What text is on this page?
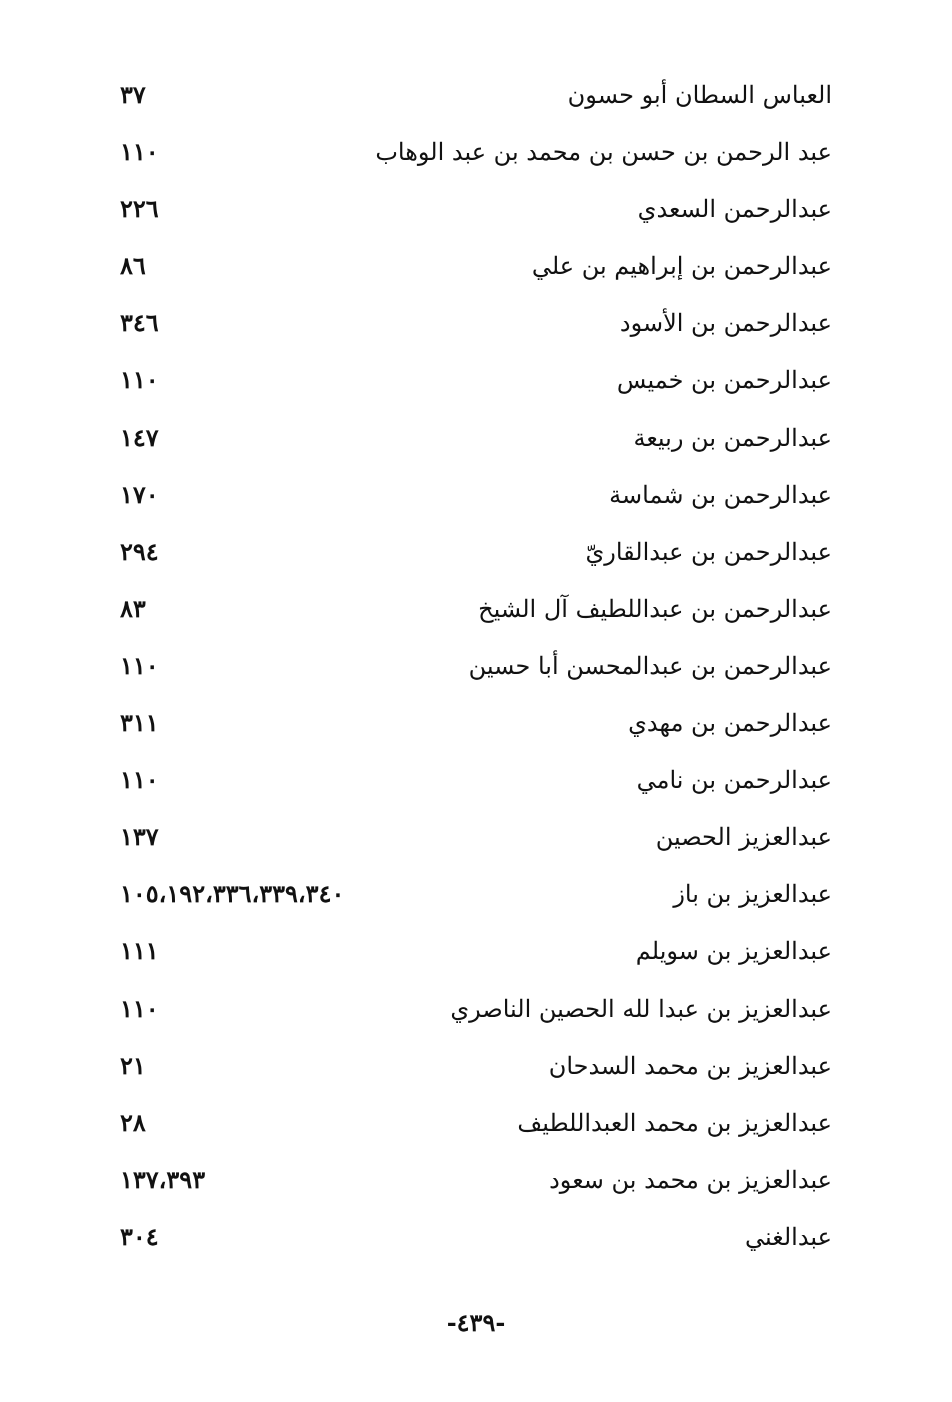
العباس السطان أبو حسون
٣٧
عبد الرحمن بن حسن بن محمد بن عبد الوهاب
١١٠
عبدالرحمن السعدي
٢٢٦
عبدالرحمن بن إبراهيم بن علي
٨٦
عبدالرحمن بن الأسود
٣٤٦
عبدالرحمن بن خميس
١١٠
عبدالرحمن بن ربيعة
١٤٧
عبدالرحمن بن شماسة
١٧٠
عبدالرحمن بن عبدالقاريّ
٢٩٤
عبدالرحمن بن عبداللطيف آل الشيخ
٨٣
عبدالرحمن بن عبدالمحسن أبا حسين
١١٠
عبدالرحمن بن مهدي
٣١١
عبدالرحمن بن نامي
١١٠
عبدالعزيز الحصين
١٣٧
عبدالعزيز بن باز
١٠٥،١٩٢،٣٣٦،٣٣٩،٣٤٠
عبدالعزيز بن سويلم
١١١
عبدالعزيز بن عبدا لله الحصين الناصري
١١٠
عبدالعزيز بن محمد السدحان
٢١
عبدالعزيز بن محمد العبداللطيف
٢٨
عبدالعزيز بن محمد بن سعود
١٣٧،٣٩٣
عبدالغني
٣٠٤
-٤٣٩-
